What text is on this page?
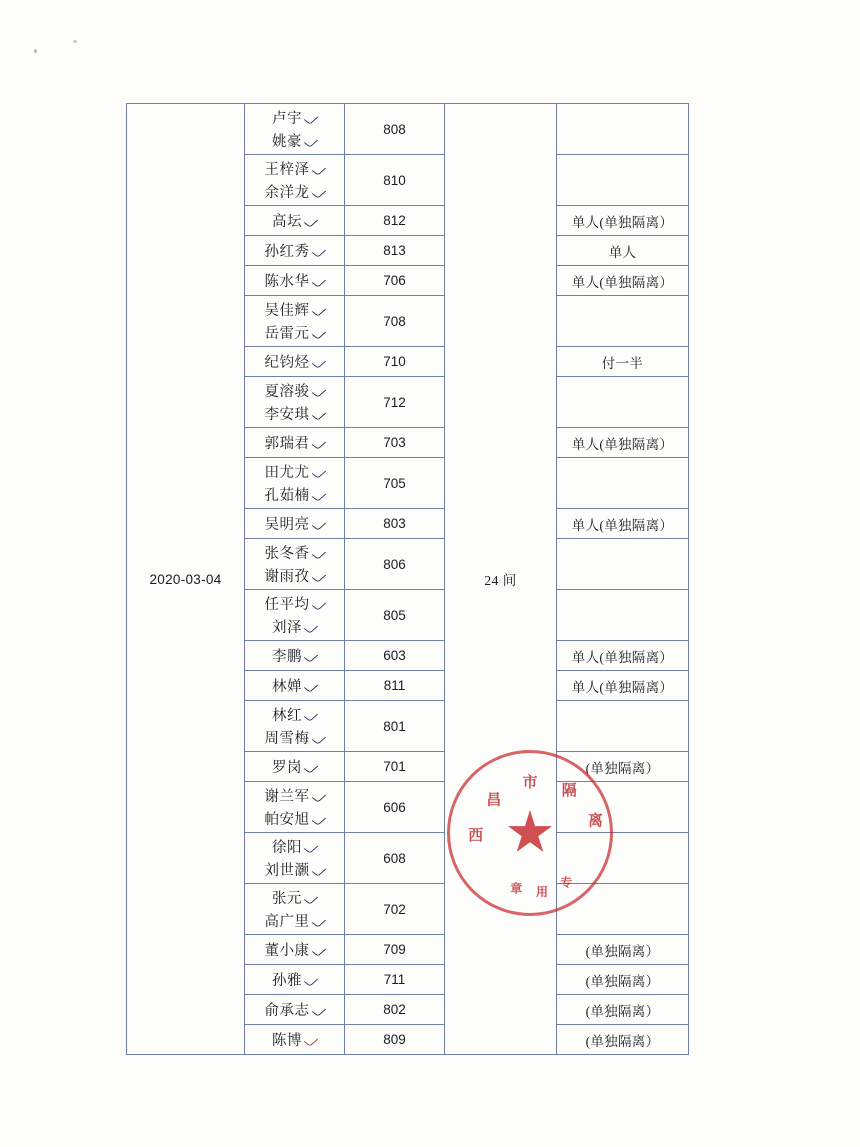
2020-03-04	卢宇
姚豪	808	24 间	

	王梓泽
余洋龙	810		

	高坛	812		单人(单独隔离）

	孙红秀	813		单人

	陈水华	706		单人(单独隔离）

	吴佳辉
岳雷元	708		

	纪钧烃	710		付一半

	夏溶骏
李安琪	712		

	郭瑞君	703		单人(单独隔离）

	田尤尤
孔茹楠	705		

	吴明亮	803		单人(单独隔离）

	张冬香
谢雨孜	806		

	任平均
刘泽	805		

	李鹏	603		单人(单独隔离）

	林婵	811		单人(单独隔离）

	林红
周雪梅	801		

	罗岗	701		(单独隔离）

	谢兰军
帕安旭	606		

	徐阳
刘世灏	608		

	张元
高广里	702		

	董小康	709		(单独隔离）

	孙雅	711		(单独隔离）

	俞承志	802		(单独隔离）

	陈博	809		(单独隔离）
西
昌
市
隔
离
专
用
章
